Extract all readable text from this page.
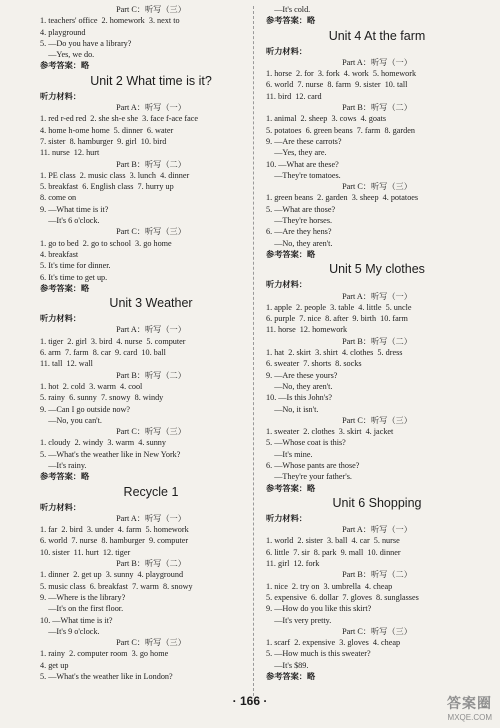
Part C：听写（三）
1. teachers' office  2. homework  3. next to
4. playground
5. —Do you have a library?
—Yes, we do.
参考答案：略
Unit 2 What time is it?
听力材料：
Part A：听写（一）
1. red r-ed red  2. she sh-e she  3. face f-ace face
4. home h-ome home  5. dinner  6. water
7. sister  8. hamburger  9. girl  10. bird
11. nurse  12. hurt
Part B：听写（二）
1. PE class  2. music class  3. lunch  4. dinner
5. breakfast  6. English class  7. hurry up
8. come on
9. —What time is it?
—It's 6 o'clock.
Part C：听写（三）
1. go to bed  2. go to school  3. go home
4. breakfast
5. It's time for dinner.
6. It's time to get up.
参考答案：略
Unit 3 Weather
听力材料：
Part A：听写（一）
1. tiger  2. girl  3. bird  4. nurse  5. computer
6. arm  7. farm  8. car  9. card  10. ball
11. tall  12. wall
Part B：听写（二）
1. hot  2. cold  3. warm  4. cool
5. rainy  6. sunny  7. snowy  8. windy
9. —Can I go outside now?
—No, you can't.
Part C：听写（三）
1. cloudy  2. windy  3. warm  4. sunny
5. —What's the weather like in New York?
—It's rainy.
参考答案：略
Recycle 1
听力材料：
Part A：听写（一）
1. far  2. bird  3. under  4. farm  5. homework
6. world  7. nurse  8. hamburger  9. computer
10. sister  11. hurt  12. tiger
Part B：听写（二）
1. dinner  2. get up  3. sunny  4. playground
5. music class  6. breakfast  7. warm  8. snowy
9. —Where is the library?
—It's on the first floor.
10. —What time is it?
—It's 9 o'clock.
Part C：听写（三）
1. rainy  2. computer room  3. go home
4. get up
5. —What's the weather like in London?
—It's cold.
参考答案：略
Unit 4 At the farm
听力材料：
Part A：听写（一）
1. horse  2. for  3. fork  4. work  5. homework
6. world  7. nurse  8. farm  9. sister  10. tall
11. bird  12. card
Part B：听写（二）
1. animal  2. sheep  3. cows  4. goats
5. potatoes  6. green beans  7. farm  8. garden
9. —Are these carrots?
—Yes, they are.
10. —What are these?
—They're tomatoes.
Part C：听写（三）
1. green beans  2. garden  3. sheep  4. potatoes
5. —What are those?
—They're horses.
6. —Are they hens?
—No, they aren't.
参考答案：略
Unit 5 My clothes
听力材料：
Part A：听写（一）
1. apple  2. people  3. table  4. little  5. uncle
6. purple  7. nice  8. after  9. birth  10. farm
11. horse  12. homework
Part B：听写（二）
1. hat  2. skirt  3. shirt  4. clothes  5. dress
6. sweater  7. shorts  8. socks
9. —Are these yours?
—No, they aren't.
10. —Is this John's?
—No, it isn't.
Part C：听写（三）
1. sweater  2. clothes  3. skirt  4. jacket
5. —Whose coat is this?
—It's mine.
6. —Whose pants are those?
—They're your father's.
参考答案：略
Unit 6 Shopping
听力材料：
Part A：听写（一）
1. world  2. sister  3. ball  4. car  5. nurse
6. little  7. sir  8. park  9. mall  10. dinner
11. girl  12. fork
Part B：听写（二）
1. nice  2. try on  3. umbrella  4. cheap
5. expensive  6. dollar  7. gloves  8. sunglasses
9. —How do you like this skirt?
—It's very pretty.
Part C：听写（三）
1. scarf  2. expensive  3. gloves  4. cheap
5. —How much is this sweater?
—It's $89.
参考答案：略
· 166 ·	答案圈
MXQE.COM
